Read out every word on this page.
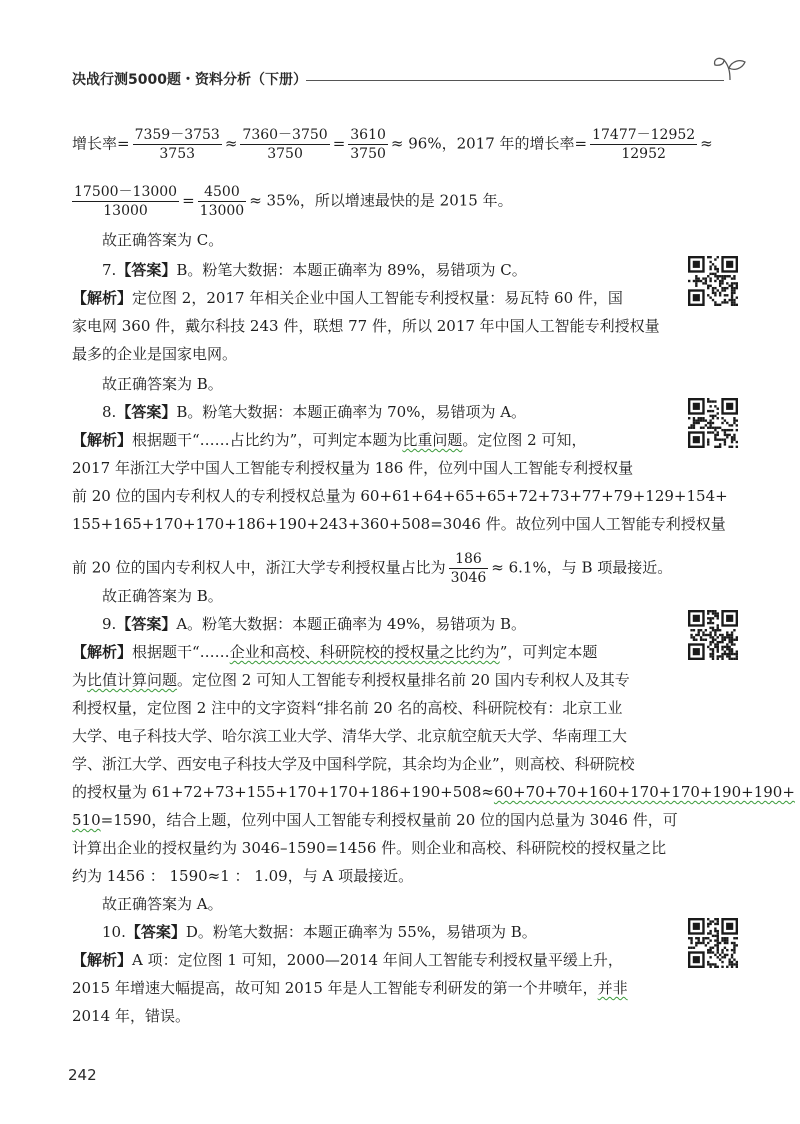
决战行测5000题・资料分析（下册）
增长率= $\frac{7359-3753}{3753} \approx \frac{7360-3750}{3750} = \frac{3610}{3750} \approx 96\%$，2017 年的增长率= $\frac{17477-12952}{12952}$ ≈
$\frac{17500-13000}{13000} = \frac{4500}{13000} \approx 35\%$，所以增速最快的是 2015 年。
故正确答案为 C。
7.【答案】B。粉笔大数据：本题正确率为 89%，易错项为 C。
【解析】定位图 2，2017 年相关企业中国人工智能专利授权量：易瓦特 60 件，国
家电网 360 件，戴尔科技 243 件，联想 77 件，所以 2017 年中国人工智能专利授权量
最多的企业是国家电网。
故正确答案为 B。
8.【答案】B。粉笔大数据：本题正确率为 70%，易错项为 A。
【解析】根据题干“……占比约为”，可判定本题为比重问题。定位图 2 可知，
2017 年浙江大学中国人工智能专利授权量为 186 件，位列中国人工智能专利授权量
前 20 位的国内专利权人的专利授权总量为 60+61+64+65+65+72+73+77+79+129+154+
155+165+170+170+186+190+243+360+508=3046 件。故位列中国人工智能专利授权量
前 20 位的国内专利权人中，浙江大学专利授权量占比为 $\frac{186}{3046} \approx 6.1\%$，与 B 项最接近。
故正确答案为 B。
9.【答案】A。粉笔大数据：本题正确率为 49%，易错项为 B。
【解析】根据题干“……企业和高校、科研院校的授权量之比约为”，可判定本题
为比值计算问题。定位图 2 可知人工智能专利授权量排名前 20 国内专利权人及其专
利授权量，定位图 2 注中的文字资料“排名前 20 名的高校、科研院校有：北京工业
大学、电子科技大学、哈尔滨工业大学、清华大学、北京航空航天大学、华南理工大
学、浙江大学、西安电子科技大学及中国科学院，其余均为企业”，则高校、科研院校
的授权量为 61+72+73+155+170+170+186+190+508≈60+70+70+160+170+170+190+190+
510=1590，结合上题，位列中国人工智能专利授权量前 20 位的国内总量为 3046 件，可
计算出企业的授权量约为 3046–1590=1456 件。则企业和高校、科研院校的授权量之比
约为 1456 ： 1590≈1 ： 1.09，与 A 项最接近。
故正确答案为 A。
10.【答案】D。粉笔大数据：本题正确率为 55%，易错项为 B。
【解析】A 项：定位图 1 可知，2000—2014 年间人工智能专利授权量平缓上升，
2015 年增速大幅提高，故可知 2015 年是人工智能专利研发的第一个井喷年，并非
2014 年，错误。
242
